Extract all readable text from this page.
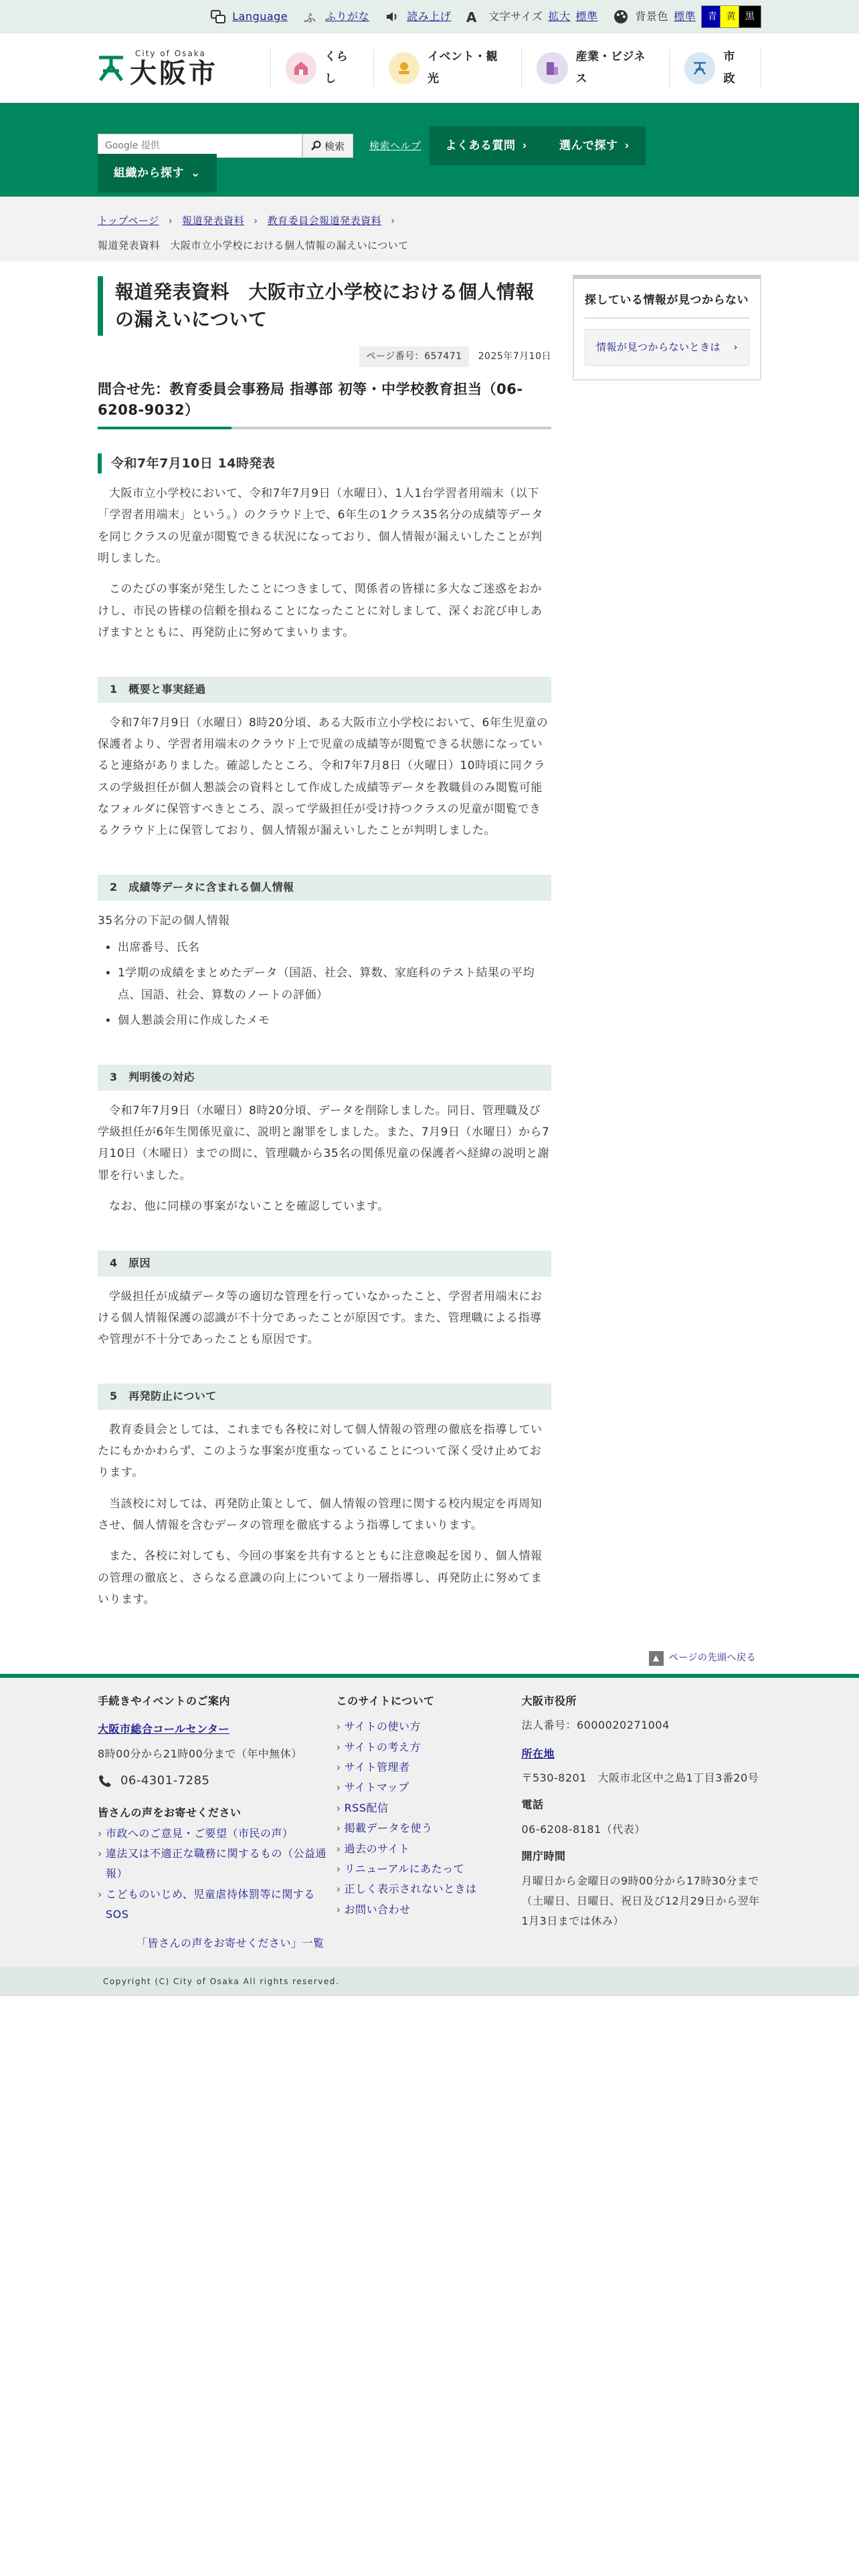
Language ふ ふりがな	読み上げ A 文字サイズ 拡大 標準	背景色 標準	青 黄 黒
City of Osaka
大阪市
くらし
イベント・観光
産業・ビジネス
市政
Google 提供
検索 検索ヘルプ よくある質問 ›	選んで探す ›
組織から探す ⌄
トップページ › 報道発表資料 › 教育委員会報道発表資料 ›
報道発表資料　大阪市立小学校における個人情報の漏えいについて
報道発表資料　大阪市立小学校における個人情報の漏えいについて
ページ番号：657471	2025年7月10日
問合せ先：教育委員会事務局 指導部 初等・中学校教育担当（06-6208-9032）
令和7年7月10日 14時発表

大阪市立小学校において、令和7年7月9日（水曜日）、1人1台学習者用端末（以下「学習者用端末」という。）のクラウド上で、6年生の1クラス35名分の成績等データを同じクラスの児童が閲覧できる状況になっており、個人情報が漏えいしたことが判明しました。

このたびの事案が発生したことにつきまして、関係者の皆様に多大なご迷惑をおかけし、市民の皆様の信頼を損ねることになったことに対しまして、深くお詫び申しあげますとともに、再発防止に努めてまいります。

1　概要と事実経過

令和7年7月9日（水曜日）8時20分頃、ある大阪市立小学校において、6年生児童の保護者より、学習者用端末のクラウド上で児童の成績等が閲覧できる状態になっていると連絡がありました。確認したところ、令和7年7月8日（火曜日）10時頃に同クラスの学級担任が個人懇談会の資料として作成した成績等データを教職員のみ閲覧可能なフォルダに保管すべきところ、誤って学級担任が受け持つクラスの児童が閲覧できるクラウド上に保管しており、個人情報が漏えいしたことが判明しました。

2　成績等データに含まれる個人情報

35名分の下記の個人情報

• 出席番号、氏名
• 1学期の成績をまとめたデータ（国語、社会、算数、家庭科のテスト結果の平均点、国語、社会、算数のノートの評価）
• 個人懇談会用に作成したメモ
3　判明後の対応

令和7年7月9日（水曜日）8時20分頃、データを削除しました。同日、管理職及び学級担任が6年生関係児童に、説明と謝罪をしました。また、7月9日（水曜日）から7月10日（木曜日）までの間に、管理職から35名の関係児童の保護者へ経緯の説明と謝罪を行いました。

なお、他に同様の事案がないことを確認しています。

4　原因

学級担任が成績データ等の適切な管理を行っていなかったこと、学習者用端末における個人情報保護の認識が不十分であったことが原因です。また、管理職による指導や管理が不十分であったことも原因です。

5　再発防止について

教育委員会としては、これまでも各校に対して個人情報の管理の徹底を指導していたにもかかわらず、このような事案が度重なっていることについて深く受け止めております。

当該校に対しては、再発防止策として、個人情報の管理に関する校内規定を再周知させ、個人情報を含むデータの管理を徹底するよう指導してまいります。

また、各校に対しても、今回の事案を共有するとともに注意喚起を図り、個人情報の管理の徹底と、さらなる意識の向上についてより一層指導し、再発防止に努めてまいります。

探している情報が見つからない
情報が見つからないときは ›
▲	ページの先頭へ戻る
手続きやイベントのご案内
大阪市総合コールセンター
8時00分から21時00分まで（年中無休）
06-4301-7285
皆さんの声をお寄せください
› 市政へのご意見・ご要望（市民の声）
› 違法又は不適正な職務に関するもの（公益通報）
› こどものいじめ、児童虐待体罰等に関するSOS
「皆さんの声をお寄せください」一覧
このサイトについて
› サイトの使い方
› サイトの考え方
› サイト管理者
› サイトマップ
› RSS配信
› 掲載データを使う
› 過去のサイト
› リニューアルにあたって
› 正しく表示されないときは
› お問い合わせ
大阪市役所
法人番号：6000020271004
所在地
〒530-8201　大阪市北区中之島1丁目3番20号
電話
06-6208-8181（代表）
開庁時間
月曜日から金曜日の9時00分から17時30分まで
（土曜日、日曜日、祝日及び12月29日から翌年1月3日までは休み）
Copyright (C) City of Osaka All rights reserved.
